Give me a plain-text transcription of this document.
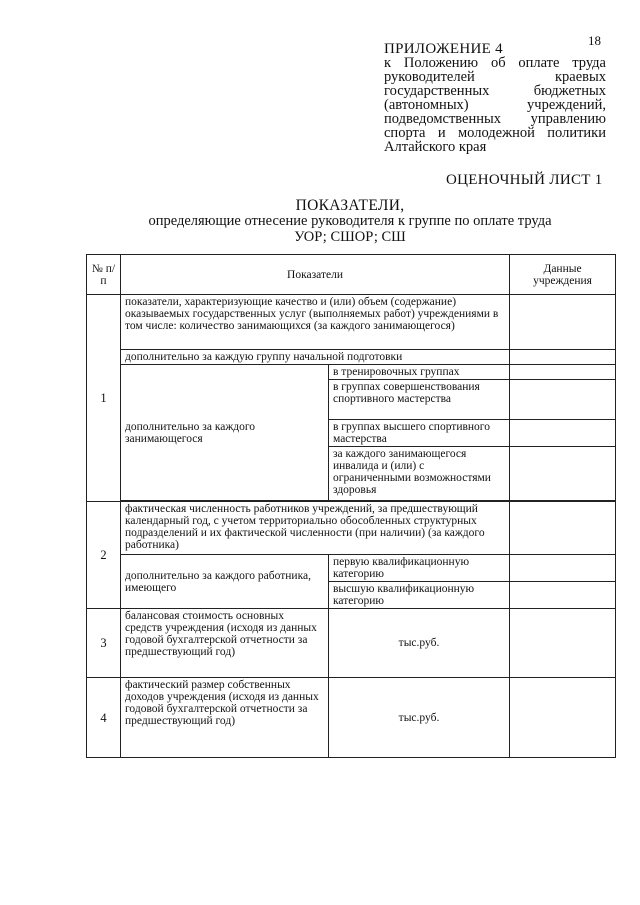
18
ПРИЛОЖЕНИЕ 4
к Положению об оплате труда
руководителей краевых
государственных бюджетных
(автономных) учреждений,
подведомственных управлению
спорта и молодежной политики
Алтайского края
ОЦЕНОЧНЫЙ ЛИСТ 1
ПОКАЗАТЕЛИ,
определяющие отнесение руководителя к группе по оплате труда
УОР; СШОР; СШ
№ п/п	Показатели		Данные учреждения
1	показатели, характеризующие качество и (или) объем (содержание) оказываемых государственных услуг (выполняемых работ) учреждениями в том числе: количество занимающихся (за каждого занимающегося)		
	дополнительно за каждую группу начальной подготовки		
	дополнительно за каждого занимающегося	в тренировочных группах	
		в группах совершенствования спортивного мастерства	
		в группах высшего спортивного мастерства	
		за каждого занимающегося инвалида и (или) с ограниченными возможностями здоровья	

2	фактическая численность работников учреждений, за предшествующий календарный год, с учетом территориально обособленных структурных подразделений и их фактической численности (при наличии) (за каждого работника)		
	дополнительно за каждого работника, имеющего	первую квалификационную категорию	
		высшую квалификационную категорию	
3	балансовая стоимость основных средств учреждения (исходя из данных годовой бухгалтерской отчетности за предшествующий год)	тыс.руб.	
4	фактический размер собственных доходов учреждения (исходя из данных годовой бухгалтерской отчетности за предшествующий год)	тыс.руб.	
